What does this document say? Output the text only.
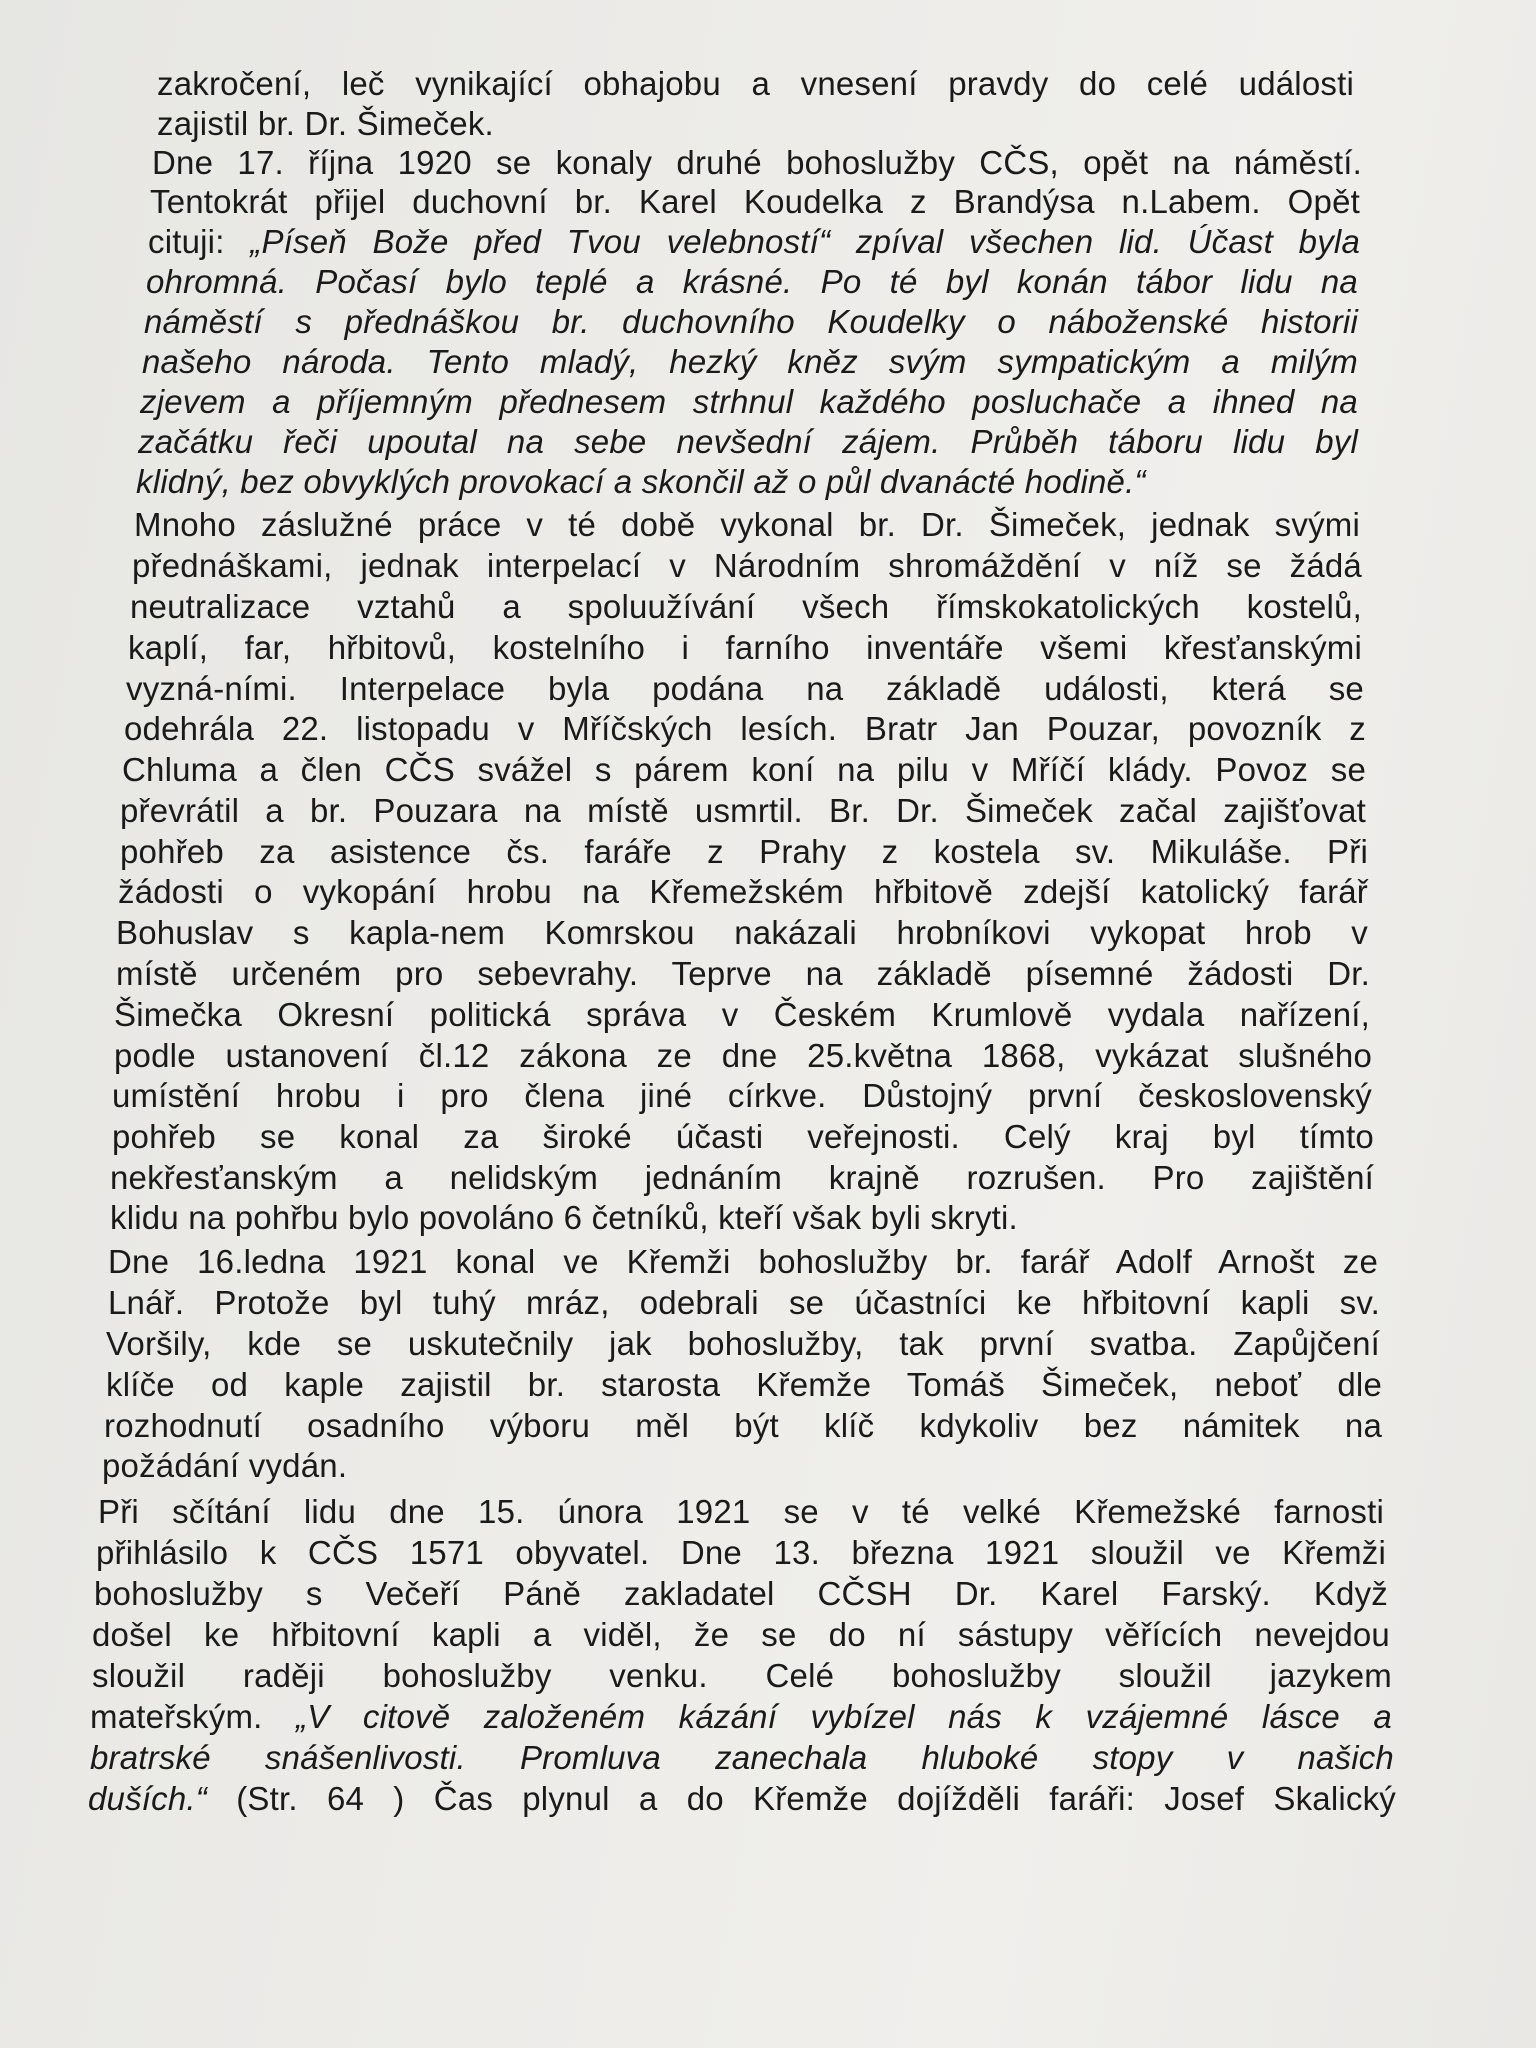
zakročení, leč vynikající obhajobu a vnesení pravdy do celé události
zajistil br. Dr. Šimeček.
Dne 17. října 1920 se konaly druhé bohoslužby CČS, opět na náměstí.
Tentokrát přijel duchovní br. Karel Koudelka z Brandýsa n.Labem. Opět
cituji: „Píseň Bože před Tvou velebností“ zpíval všechen lid. Účast byla
ohromná. Počasí bylo teplé a krásné. Po té byl konán tábor lidu na
náměstí s přednáškou br. duchovního Koudelky o náboženské historii
našeho národa. Tento mladý, hezký kněz svým sympatickým a milým
zjevem a příjemným přednesem strhnul každého posluchače a ihned na
začátku řeči upoutal na sebe nevšední zájem. Průběh táboru lidu byl
klidný, bez obvyklých provokací a skončil až o půl dvanácté hodině.“
Mnoho záslužné práce v té době vykonal br. Dr. Šimeček, jednak svými
přednáškami, jednak interpelací v Národním shromáždění v níž se žádá
neutralizace vztahů a spoluužívání všech římskokatolických kostelů,
kaplí, far, hřbitovů, kostelního i farního inventáře všemi křesťanskými
vyzná-ními. Interpelace byla podána na základě události, která se
odehrála 22. listopadu v Mříčských lesích. Bratr Jan Pouzar, povozník z
Chluma a člen CČS svážel s párem koní na pilu v Mříčí klády. Povoz se
převrátil a br. Pouzara na místě usmrtil. Br. Dr. Šimeček začal zajišťovat
pohřeb za asistence čs. faráře z Prahy z kostela sv. Mikuláše. Při
žádosti o vykopání hrobu na Křemežském hřbitově zdejší katolický farář
Bohuslav s kapla-nem Komrskou nakázali hrobníkovi vykopat hrob v
místě určeném pro sebevrahy. Teprve na základě písemné žádosti Dr.
Šimečka Okresní politická správa v Českém Krumlově vydala nařízení,
podle ustanovení čl.12 zákona ze dne 25.května 1868, vykázat slušného
umístění hrobu i pro člena jiné církve. Důstojný první československý
pohřeb se konal za široké účasti veřejnosti. Celý kraj byl tímto
nekřesťanským a nelidským jednáním krajně rozrušen. Pro zajištění
klidu na pohřbu bylo povoláno 6 četníků, kteří však byli skryti.
Dne 16.ledna 1921 konal ve Křemži bohoslužby br. farář Adolf Arnošt ze
Lnář. Protože byl tuhý mráz, odebrali se účastníci ke hřbitovní kapli sv.
Voršily, kde se uskutečnily jak bohoslužby, tak první svatba. Zapůjčení
klíče od kaple zajistil br. starosta Křemže Tomáš Šimeček, neboť dle
rozhodnutí osadního výboru měl být klíč kdykoliv bez námitek na
požádání vydán.
Při sčítání lidu dne 15. února 1921 se v té velké Křemežské farnosti
přihlásilo k CČS 1571 obyvatel. Dne 13. března 1921 sloužil ve Křemži
bohoslužby s Večeří Páně zakladatel CČSH Dr. Karel Farský. Když
došel ke hřbitovní kapli a viděl, že se do ní sástupy věřících nevejdou
sloužil raději bohoslužby venku. Celé bohoslužby sloužil jazykem
mateřským. „V citově založeném kázání vybízel nás k vzájemné lásce a
bratrské snášenlivosti. Promluva zanechala hluboké stopy v našich
duších.“ (Str. 64 ) Čas plynul a do Křemže dojížděli faráři: Josef Skalický
